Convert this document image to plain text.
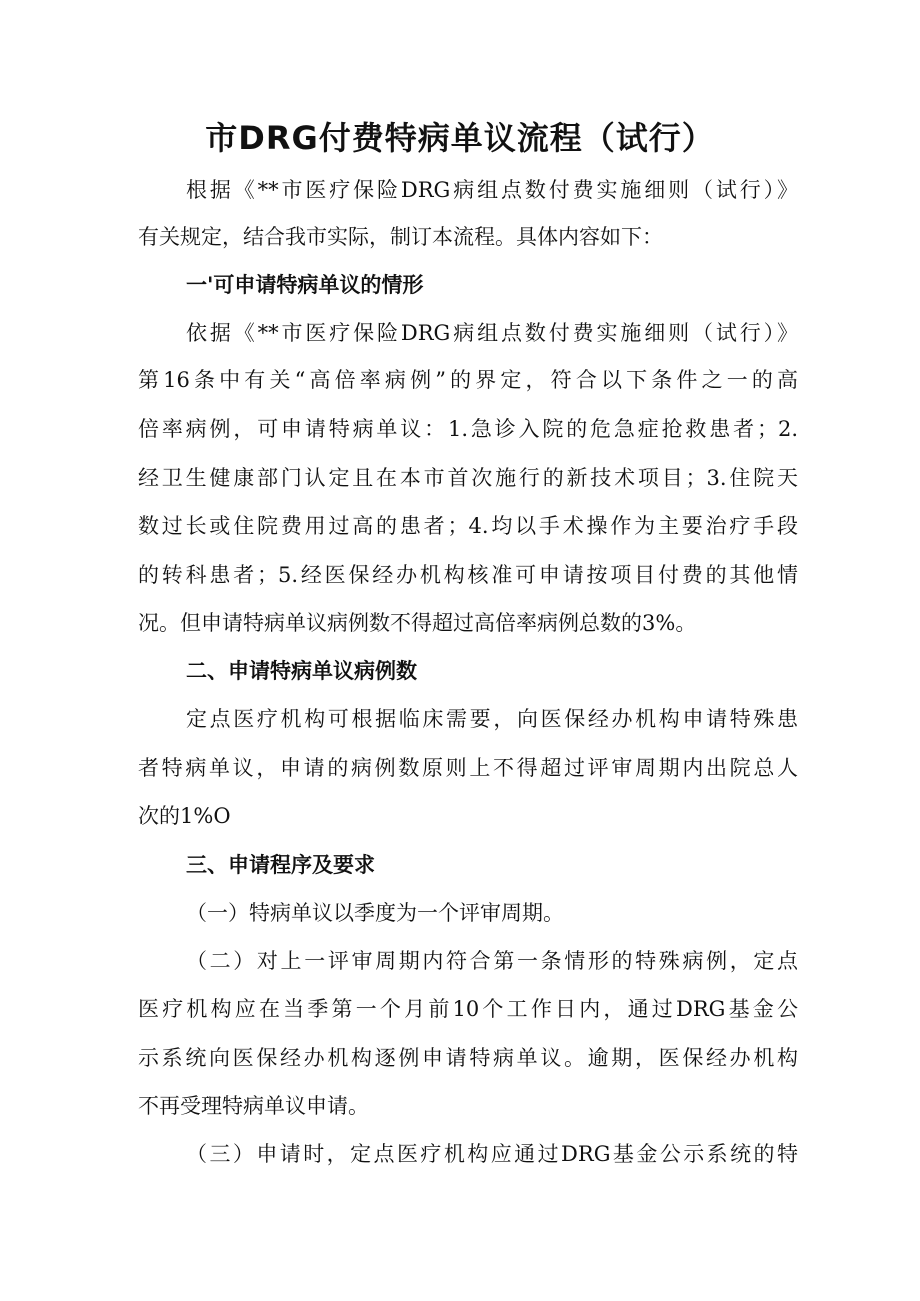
市DRG付费特病单议流程（试行）

根据《**市医疗保险DRG病组点数付费实施细则（试行）》

有关规定，结合我市实际，制订本流程。具体内容如下：

一'可申请特病单议的情形

依据《**市医疗保险DRG病组点数付费实施细则（试行）》

第16条中有关“高倍率病例”的界定，符合以下条件之一的高

倍率病例，可申请特病单议：1.急诊入院的危急症抢救患者；2.

经卫生健康部门认定且在本市首次施行的新技术项目；3.住院天

数过长或住院费用过高的患者；4.均以手术操作为主要治疗手段

的转科患者；5.经医保经办机构核准可申请按项目付费的其他情

况。但申请特病单议病例数不得超过高倍率病例总数的3%。

二、申请特病单议病例数

定点医疗机构可根据临床需要，向医保经办机构申请特殊患

者特病单议，申请的病例数原则上不得超过评审周期内出院总人

次的1%O

三、申请程序及要求

（一）特病单议以季度为一个评审周期。

（二）对上一评审周期内符合第一条情形的特殊病例，定点

医疗机构应在当季第一个月前10个工作日内，通过DRG基金公

示系统向医保经办机构逐例申请特病单议。逾期，医保经办机构

不再受理特病单议申请。

（三）申请时，定点医疗机构应通过DRG基金公示系统的特
